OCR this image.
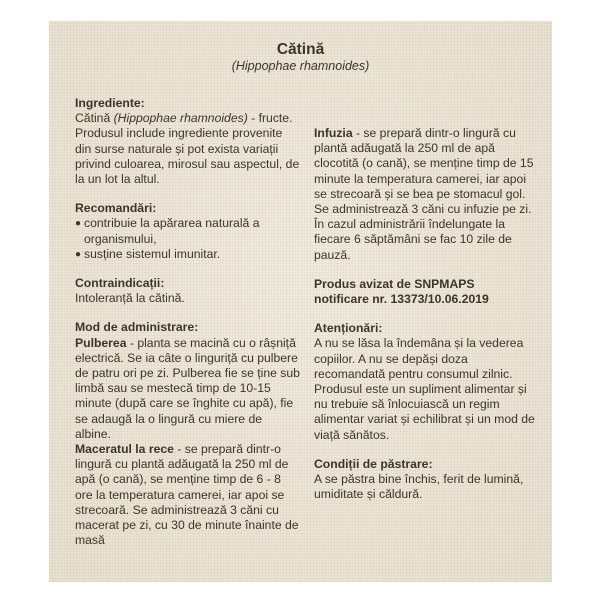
Cătină
(Hippophae rhamnoides)
Ingrediente:
Cătină (Hippophae rhamnoides) - fructe. Produsul include ingrediente provenite din surse naturale și pot exista variații privind culoarea, mirosul sau aspectul, de la un lot la altul.
Recomandări:
● contribuie la apărarea naturală a organismului,
● susține sistemul imunitar.
Contraindicații:
Intoleranță la cătină.
Mod de administrare:
Pulberea - planta se macină cu o râșniță electrică. Se ia câte o linguriță cu pulbere de patru ori pe zi. Pulberea fie se ține sub limbă sau se mestecă timp de 10-15 minute (după care se înghite cu apă), fie se adaugă la o lingură cu miere de albine.
Maceratul la rece - se prepară dintr-o lingură cu plantă adăugată la 250 ml de apă (o cană), se menține timp de 6 - 8 ore la temperatura camerei, iar apoi se strecoară. Se administrează 3 căni cu macerat pe zi, cu 30 de minute înainte de masă
Infuzia - se prepară dintr-o lingură cu plantă adăugată la 250 ml de apă clocotită (o cană), se menține timp de 15 minute la temperatura camerei, iar apoi se strecoară și se bea pe stomacul gol. Se administrează 3 căni cu infuzie pe zi. În cazul administrării îndelungate la fiecare 6 săptămâni se fac 10 zile de pauză.
Produs avizat de SNPMAPS
notificare nr. 13373/10.06.2019
Atenționări:
A nu se lăsa la îndemâna și la vederea copiilor. A nu se depăși doza recomandată pentru consumul zilnic. Produsul este un supliment alimentar și nu trebuie să înlocuiască un regim alimentar variat și echilibrat și un mod de viață sănătos.
Condiții de păstrare:
A se păstra bine închis, ferit de lumină, umiditate și căldură.
